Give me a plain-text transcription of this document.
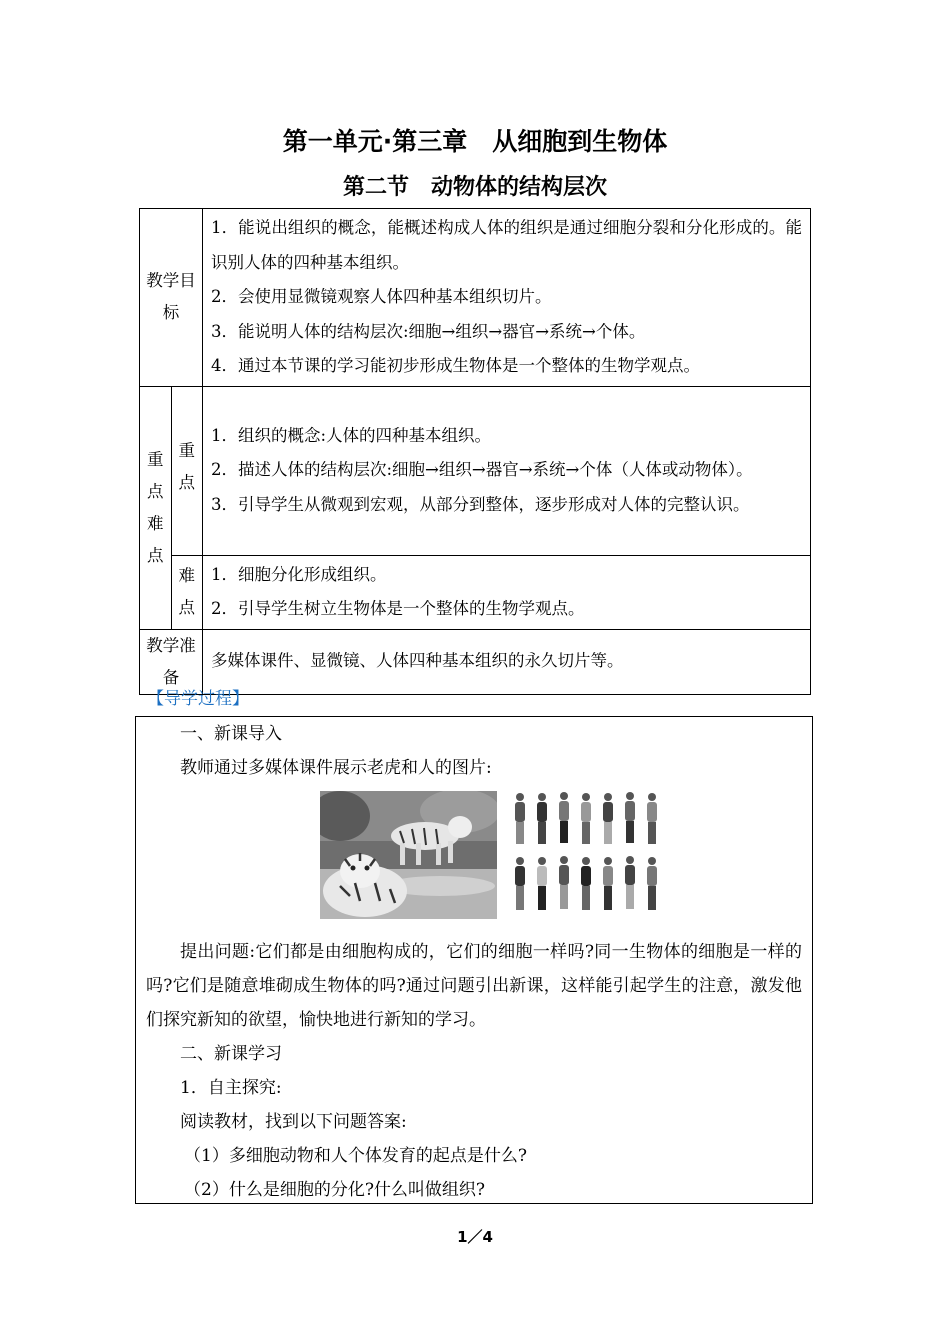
第一单元·第三章　从细胞到生物体
第二节　动物体的结构层次
教学目标		1．能说出组织的概念，能概述构成人体的组织是通过细胞分裂和分化形成的。能识别人体的四种基本组织。
2．会使用显微镜观察人体四种基本组织切片。
3．能说明人体的结构层次:细胞→组织→器官→系统→个体。
4．通过本节课的学习能初步形成生物体是一个整体的生物学观点。

重点难点	重点	1．组织的概念:人体的四种基本组织。
2．描述人体的结构层次:细胞→组织→器官→系统→个体（人体或动物体）。
3．引导学生从微观到宏观，从部分到整体，逐步形成对人体的完整认识。

	难点	1．细胞分化形成组织。
2．引导学生树立生物体是一个整体的生物学观点。

教学准备		多媒体课件、显微镜、人体四种基本组织的永久切片等。
【导学过程】
一、新课导入
教师通过多媒体课件展示老虎和人的图片:
提出问题:它们都是由细胞构成的，它们的细胞一样吗?同一生物体的细胞是一样的吗?它们是随意堆砌成生物体的吗?通过问题引出新课，这样能引起学生的注意，激发他们探究新知的欲望，愉快地进行新知的学习。
二、新课学习
1．自主探究:
阅读教材，找到以下问题答案:
（1）多细胞动物和人个体发育的起点是什么?
（2）什么是细胞的分化?什么叫做组织?
1／4
